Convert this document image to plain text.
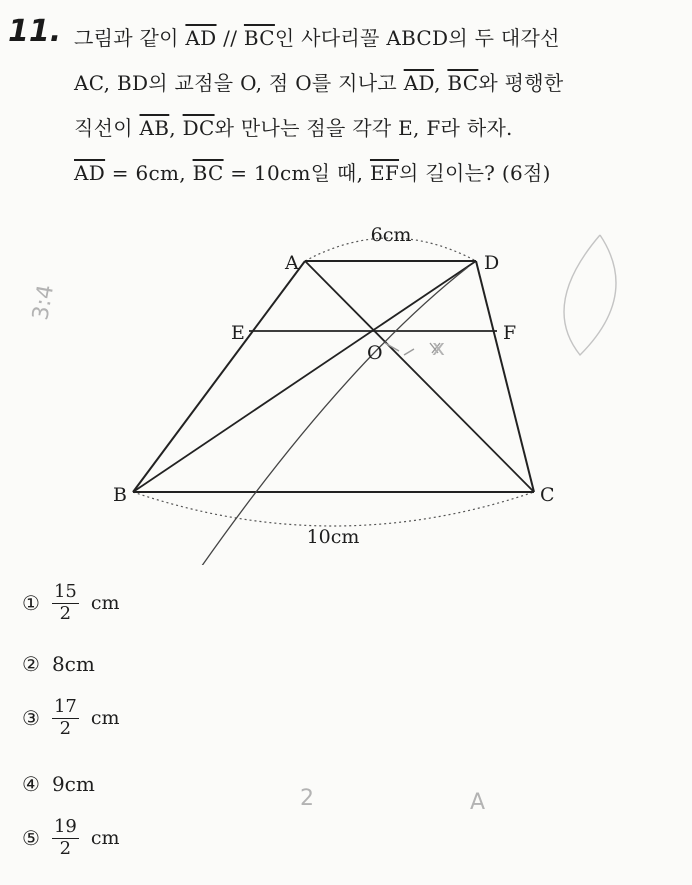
11. 그림과 같이 $\overline{AD} // \overline{BC}$인 사다리꼴 ABCD의 두 대각선
AC, BD의 교점을 O, 점 O를 지나고 $\overline{AD}$, $\overline{BC}$와 평행한
직선이 $\overline{AB}$, $\overline{DC}$와 만나는 점을 각각 E, F라 하자.
$\overline{AD} = 6cm$, $\overline{BC} = 10cm$일 때, $\overline{EF}$의 길이는? (6점)
6cm
10cm
A	D
E	F
O
B	C
3:4
x
2	A
① $\frac{15}{2}$ cm
② 8cm
③ $\frac{17}{2}$ cm
④ 9cm
⑤ $\frac{19}{2}$ cm
